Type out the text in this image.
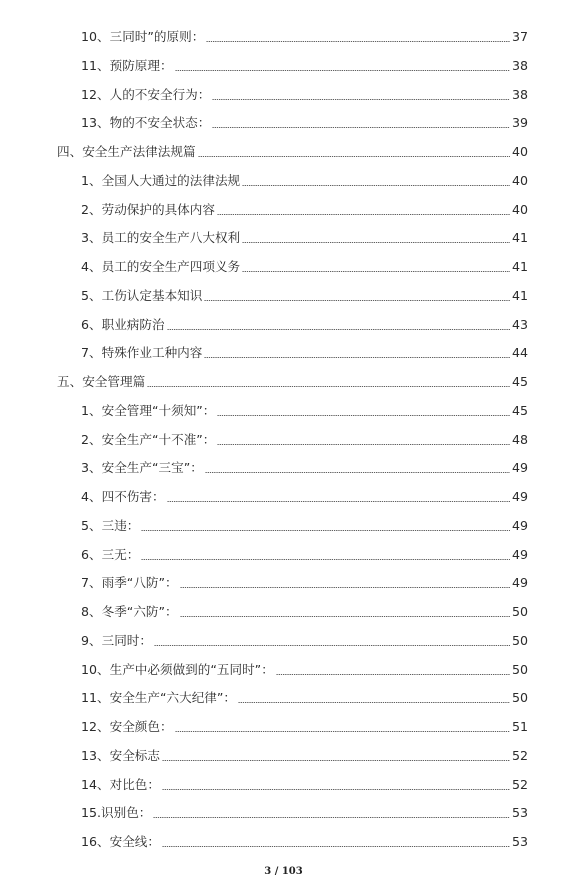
10、三同时”的原则：	37
11、预防原理：	38
12、人的不安全行为：	38
13、物的不安全状态：	39
四、安全生产法律法规篇	40
1、全国人大通过的法律法规	40
2、劳动保护的具体内容	40
3、员工的安全生产八大权利	41
4、员工的安全生产四项义务	41
5、工伤认定基本知识	41
6、职业病防治	43
7、特殊作业工种内容	44
五、安全管理篇	45
1、安全管理“十须知”：	45
2、安全生产“十不准”：	48
3、安全生产“三宝”：	49
4、四不伤害：	49
5、三违：	49
6、三无：	49
7、雨季“八防”：	49
8、冬季“六防”：	50
9、三同时：	50
10、生产中必须做到的“五同时”：	50
11、安全生产“六大纪律”：	50
12、安全颜色：	51
13、安全标志	52
14、对比色：	52
15.识别色：	53
16、安全线：	53
3 / 103
